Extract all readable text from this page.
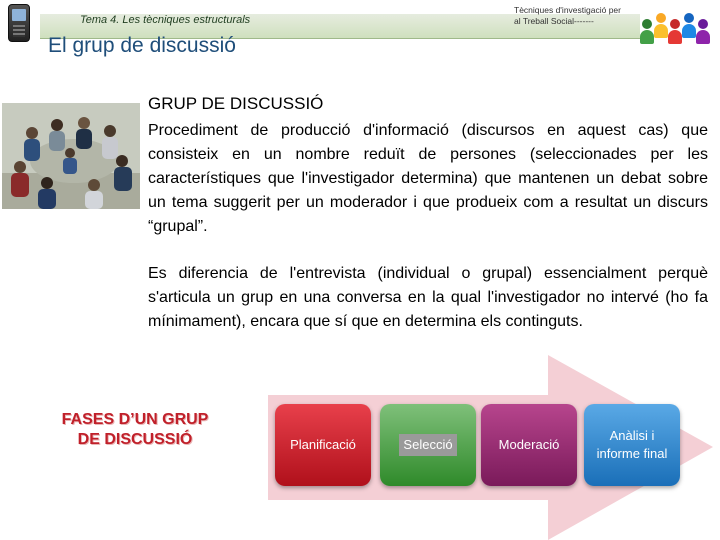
Tema 4. Les tècniques estructurals
Tècniques d'investigació per
al Treball Social-------
El grup de discussió
GRUP DE DISCUSSIÓ
Procediment de producció d'informació (discursos en aquest cas) que consisteix en un nombre reduït de persones (seleccionades per les característiques que l'investigador determina) que mantenen un debat sobre un tema suggerit per un moderador i que produeix com a resultat un discurs “grupal”.
Es diferencia de l'entrevista (individual o grupal) essencialment perquè s'articula un grup en una conversa en la qual l'investigador no intervé (ho fa mínimament), encara que sí que en determina els continguts.
FASES D’UN GRUP
DE DISCUSSIÓ	Planificació	Selecció	Moderació
Anàlisi i
informe final
